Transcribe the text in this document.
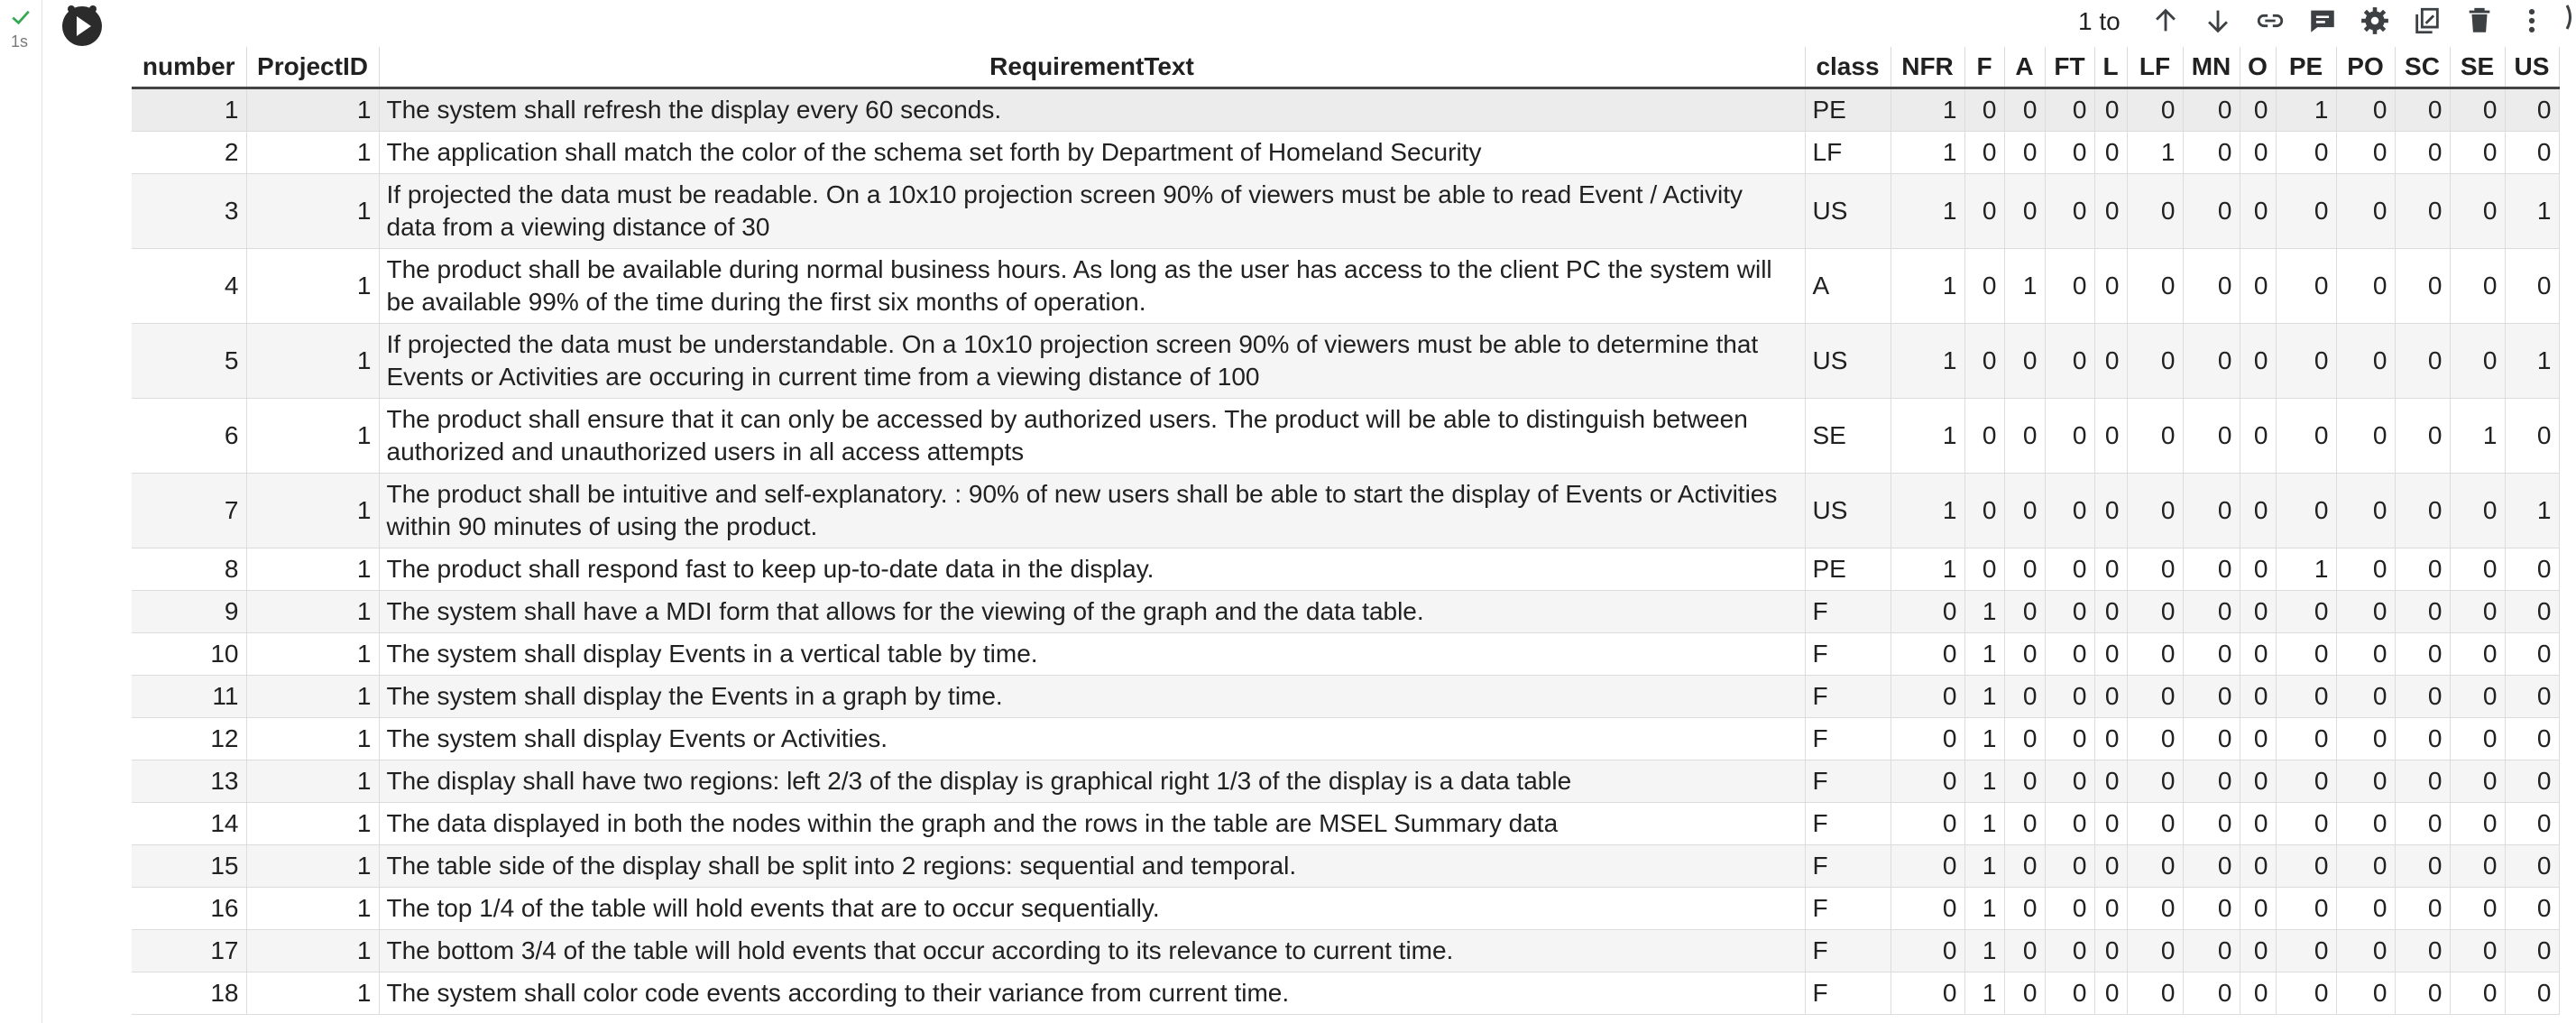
1s
1 to
number	ProjectID	RequirementText	class	NFR	F	A	FT	L	LF	MN	O	PE	PO	SC	SE	US
1	1	The system shall refresh the display every 60 seconds.	PE	1	0	0	0	0	0	0	0	1	0	0	0	0
2	1	The application shall match the color of the schema set forth by Department of Homeland Security	LF	1	0	0	0	0	1	0	0	0	0	0	0	0
3	1	If projected the data must be readable. On a 10x10 projection screen 90% of viewers must be able to read Event / Activity data from a viewing distance of 30	US	1	0	0	0	0	0	0	0	0	0	0	0	1
4	1	The product shall be available during normal business hours. As long as the user has access to the client PC the system will be available 99% of the time during the first six months of operation.	A	1	0	1	0	0	0	0	0	0	0	0	0	0
5	1	If projected the data must be understandable. On a 10x10 projection screen 90% of viewers must be able to determine that Events or Activities are occuring in current time from a viewing distance of 100	US	1	0	0	0	0	0	0	0	0	0	0	0	1
6	1	The product shall ensure that it can only be accessed by authorized users. The product will be able to distinguish between authorized and unauthorized users in all access attempts	SE	1	0	0	0	0	0	0	0	0	0	0	1	0
7	1	The product shall be intuitive and self-explanatory. : 90% of new users shall be able to start the display of Events or Activities within 90 minutes of using the product.	US	1	0	0	0	0	0	0	0	0	0	0	0	1
8	1	The product shall respond fast to keep up-to-date data in the display.	PE	1	0	0	0	0	0	0	0	1	0	0	0	0
9	1	The system shall have a MDI form that allows for the viewing of the graph and the data table.	F	0	1	0	0	0	0	0	0	0	0	0	0	0
10	1	The system shall display Events in a vertical table by time.	F	0	1	0	0	0	0	0	0	0	0	0	0	0
11	1	The system shall display the Events in a graph by time.	F	0	1	0	0	0	0	0	0	0	0	0	0	0
12	1	The system shall display Events or Activities.	F	0	1	0	0	0	0	0	0	0	0	0	0	0
13	1	The display shall have two regions: left 2/3 of the display is graphical right 1/3 of the display is a data table	F	0	1	0	0	0	0	0	0	0	0	0	0	0
14	1	The data displayed in both the nodes within the graph and the rows in the table are MSEL Summary data	F	0	1	0	0	0	0	0	0	0	0	0	0	0
15	1	The table side of the display shall be split into 2 regions: sequential and temporal.	F	0	1	0	0	0	0	0	0	0	0	0	0	0
16	1	The top 1/4 of the table will hold events that are to occur sequentially.	F	0	1	0	0	0	0	0	0	0	0	0	0	0
17	1	The bottom 3/4 of the table will hold events that occur according to its relevance to current time.	F	0	1	0	0	0	0	0	0	0	0	0	0	0
18	1	The system shall color code events according to their variance from current time.	F	0	1	0	0	0	0	0	0	0	0	0	0	0
